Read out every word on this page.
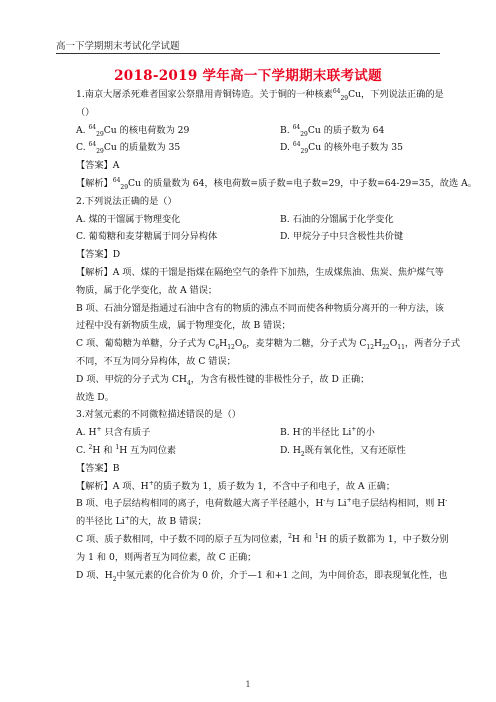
高一下学期期末考试化学试题
2018-2019 学年高一下学期期末联考试题
1.南京大屠杀死难者国家公祭鼎用青铜铸造。关于铜的一种核素$^{64}_{29}$Cu，下列说法正确的是
（）
A. $^{64}_{29}$Cu 的核电荷数为 29	B. $^{64}_{29}$Cu 的质子数为 64
C. $^{64}_{29}$Cu 的质量数为 35	D. $^{64}_{29}$Cu 的核外电子数为 35
【答案】A
【解析】$^{64}_{29}$Cu 的质量数为 64，核电荷数=质子数=电子数=29，中子数=64-29=35，故选 A。
2.下列说法正确的是（）
A. 煤的干馏属于物理变化	B. 石油的分馏属于化学变化
C. 葡萄糖和麦芽糖属于同分异构体	D. 甲烷分子中只含极性共价键
【答案】D
【解析】A 项、煤的干馏是指煤在隔绝空气的条件下加热，生成煤焦油、焦炭、焦炉煤气等
物质，属于化学变化，故 A 错误；
B 项、石油分馏是指通过石油中含有的物质的沸点不同而使各种物质分离开的一种方法，该
过程中没有新物质生成，属于物理变化，故 B 错误；
C 项、葡萄糖为单糖，分子式为 $C_6H_{12}O_6$，麦芽糖为二糖，分子式为 $C_{12}H_{22}O_{11}$，两者分子式
不同，不互为同分异构体，故 C 错误；
D 项、甲烷的分子式为 $CH_4$，为含有极性键的非极性分子，故 D 正确；
故选 D。
3.对氢元素的不同微粒描述错误的是（）
A. H+ 只含有质子	B. H-的半径比 Li+的小
C. $^2$H 和 $^1$H 互为同位素	D. $H_2$既有氧化性，又有还原性
【答案】B
【解析】A 项、H+的质子数为 1，质子数为 1，不含中子和电子，故 A 正确；
B 项、电子层结构相同的离子，电荷数越大离子半径越小，H-与 Li+电子层结构相同，则 H-
的半径比 Li+的大，故 B 错误；
C 项、质子数相同，中子数不同的原子互为同位素，$^2$H 和 $^1$H 的质子数都为 1，中子数分别
为 1 和 0，则两者互为同位素，故 C 正确；
D 项、$H_2$中氢元素的化合价为 0 价，介于—1 和+1 之间，为中间价态，即表现氧化性，也
1
